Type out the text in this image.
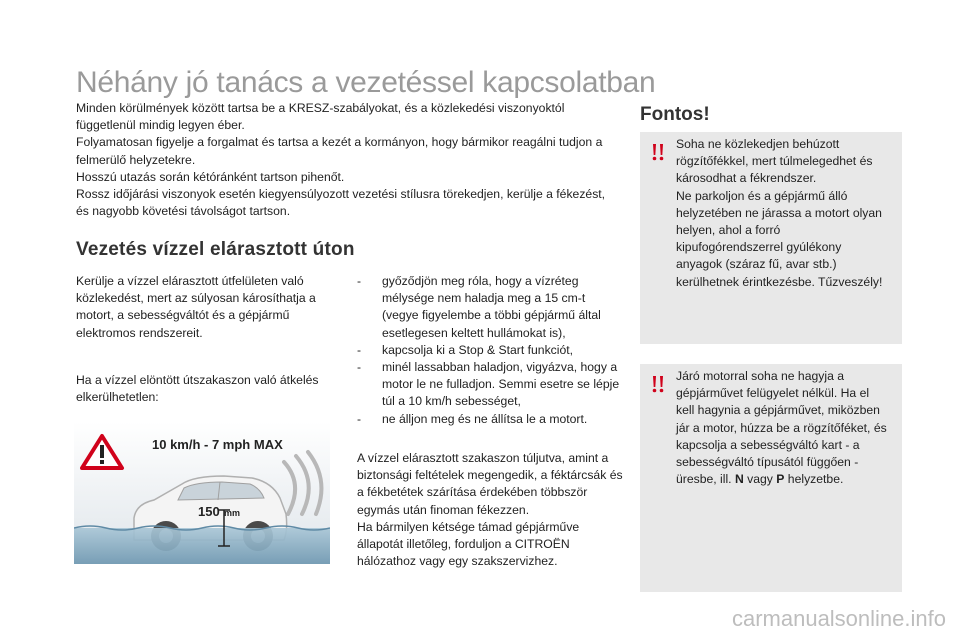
Néhány jó tanács a vezetéssel kapcsolatban

Minden körülmények között tartsa be a KRESZ-szabályokat, és a közlekedési viszonyoktól függetlenül mindig legyen éber.

Folyamatosan figyelje a forgalmat és tartsa a kezét a kormányon, hogy bármikor reagálni tudjon a felmerülő helyzetekre.

Hosszú utazás során kétóránként tartson pihenőt.

Rossz időjárási viszonyok esetén kiegyensúlyozott vezetési stílusra törekedjen, kerülje a fékezést, és nagyobb követési távolságot tartson.

Vezetés vízzel elárasztott úton

Kerülje a vízzel elárasztott útfelületen való közlekedést, mert az súlyosan károsíthatja a motort, a sebességváltót és a gépjármű elektromos rendszereit.

Ha a vízzel elöntött útszakaszon való átkelés elkerülhetetlen:

- győződjön meg róla, hogy a vízréteg mélysége nem haladja meg a 15 cm-t (vegye figyelembe a többi gépjármű által esetlegesen keltett hullámokat is),
- kapcsolja ki a Stop & Start funkciót,
- minél lassabban haladjon, vigyázva, hogy a motor le ne fulladjon. Semmi esetre se lépje túl a 10 km/h sebességet,
- ne álljon meg és ne állítsa le a motort.

A vízzel elárasztott szakaszon túljutva, amint a biztonsági feltételek megengedik, a féktárcsák és a fékbetétek szárítása érdekében többször egymás után finoman fékezzen.

Ha bármilyen kétsége támad gépjárműve állapotát illetőleg, forduljon a CITROËN hálózathoz vagy egy szakszervizhez.

10 km/h - 7 mph MAX
150 mm
Fontos!

Soha ne közlekedjen behúzott rögzítőfékkel, mert túlmelegedhet és károsodhat a fékrendszer.

Ne parkoljon és a gépjármű álló helyzetében ne járassa a motort olyan helyen, ahol a forró kipufogórendszerrel gyúlékony anyagok (száraz fű, avar stb.) kerülhetnek érintkezésbe. Tűzveszély!

Járó motorral soha ne hagyja a gépjárművet felügyelet nélkül. Ha el kell hagynia a gépjárművet, miközben jár a motor, húzza be a rögzítőféket, és kapcsolja a sebességváltó kart - a sebességváltó típusától függően - üresbe, ill. N vagy P helyzetbe.

carmanualsonline.info
